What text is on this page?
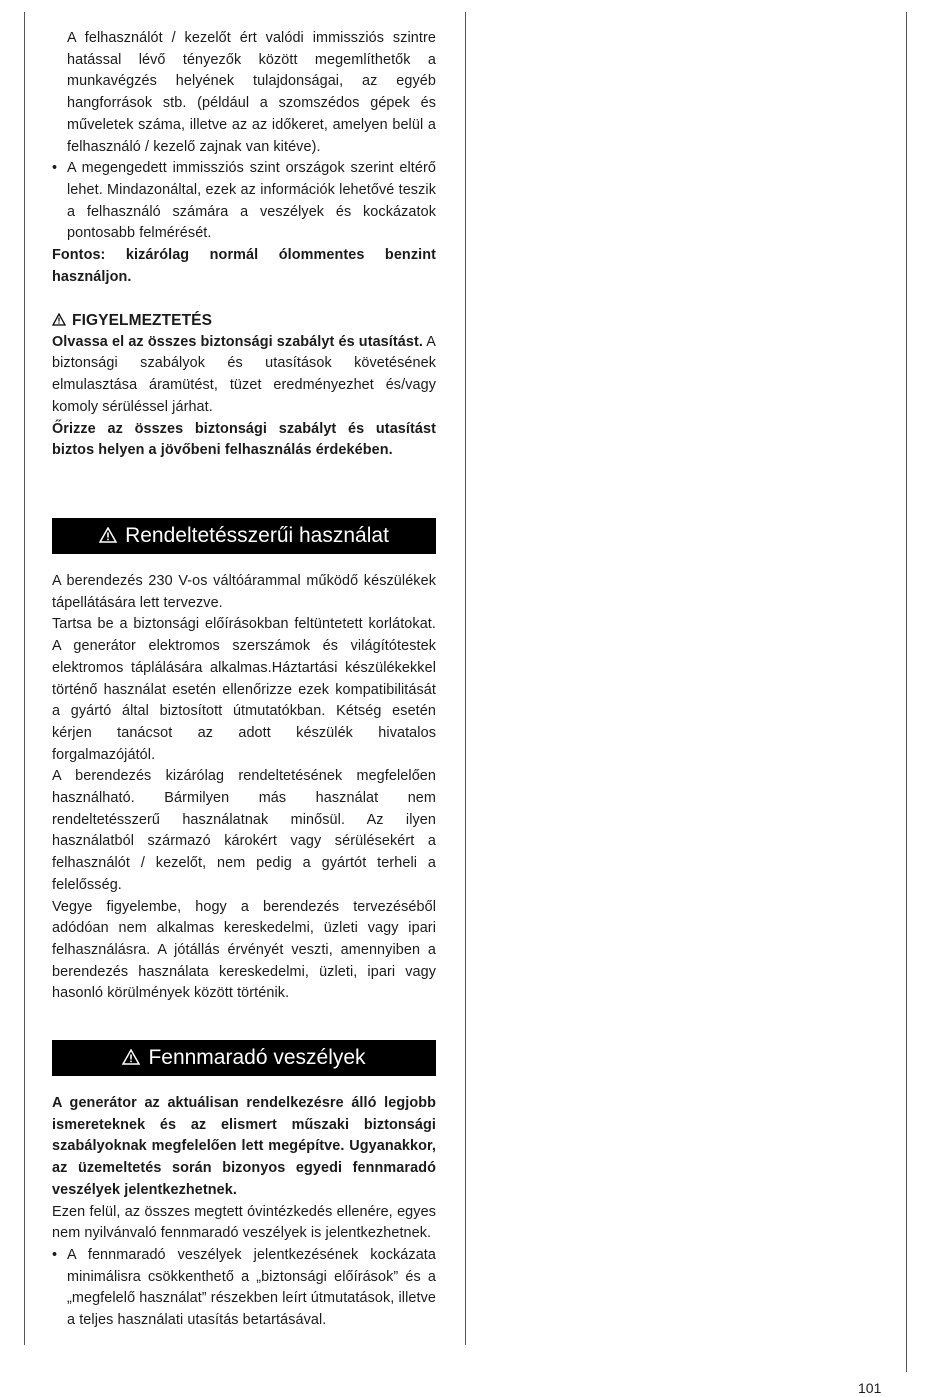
A felhasználót / kezelőt ért valódi immissziós szintre hatással lévő tényezők között megemlíthetők a munkavégzés helyének tulajdonságai, az egyéb hangforrások stb. (például a szomszédos gépek és műveletek száma, illetve az az időkeret, amelyen belül a felhasználó / kezelő zajnak van kitéve).

• A megengedett immissziós szint országok szerint eltérő lehet. Mindazonáltal, ezek az információk lehetővé teszik a felhasználó számára a veszélyek és kockázatok pontosabb felmérését.

Fontos: kizárólag normál ólommentes benzint használjon.

FIGYELMEZTETÉS

Olvassa el az összes biztonsági szabályt és utasítást. A biztonsági szabályok és utasítások követésének elmulasztása áramütést, tüzet eredményezhet és/vagy komoly sérüléssel járhat.

Őrizze az összes biztonsági szabályt és utasítást biztos helyen a jövőbeni felhasználás érdekében.

Rendeltetésszerűi használat

A berendezés 230 V-os váltóárammal működő készülékek tápellátására lett tervezve.

Tartsa be a biztonsági előírásokban feltüntetett korlátokat. A generátor elektromos szerszámok és világítótestek elektromos táplálására alkalmas.Háztartási készülékekkel történő használat esetén ellenőrizze ezek kompatibilitását a gyártó által biztosított útmutatókban. Kétség esetén kérjen tanácsot az adott készülék hivatalos forgalmazójától.

A berendezés kizárólag rendeltetésének megfelelően használható. Bármilyen más használat nem rendeltetésszerű használatnak minősül. Az ilyen használatból származó károkért vagy sérülésekért a felhasználót / kezelőt, nem pedig a gyártót terheli a felelősség.

Vegye figyelembe, hogy a berendezés tervezéséből adódóan nem alkalmas kereskedelmi, üzleti vagy ipari felhasználásra. A jótállás érvényét veszti, amennyiben a berendezés használata kereskedelmi, üzleti, ipari vagy hasonló körülmények között történik.

Fennmaradó veszélyek

A generátor az aktuálisan rendelkezésre álló legjobb ismereteknek és az elismert műszaki biztonsági szabályoknak megfelelően lett megépítve. Ugyanakkor, az üzemeltetés során bizonyos egyedi fennmaradó veszélyek jelentkezhetnek.

Ezen felül, az összes megtett óvintézkedés ellenére, egyes nem nyilvánvaló fennmaradó veszélyek is jelentkezhetnek.

• A fennmaradó veszélyek jelentkezésének kockázata minimálisra csökkenthető a „biztonsági előírások” és a „megfelelő használat” részekben leírt útmutatások, illetve a teljes használati utasítás betartásával.

101
